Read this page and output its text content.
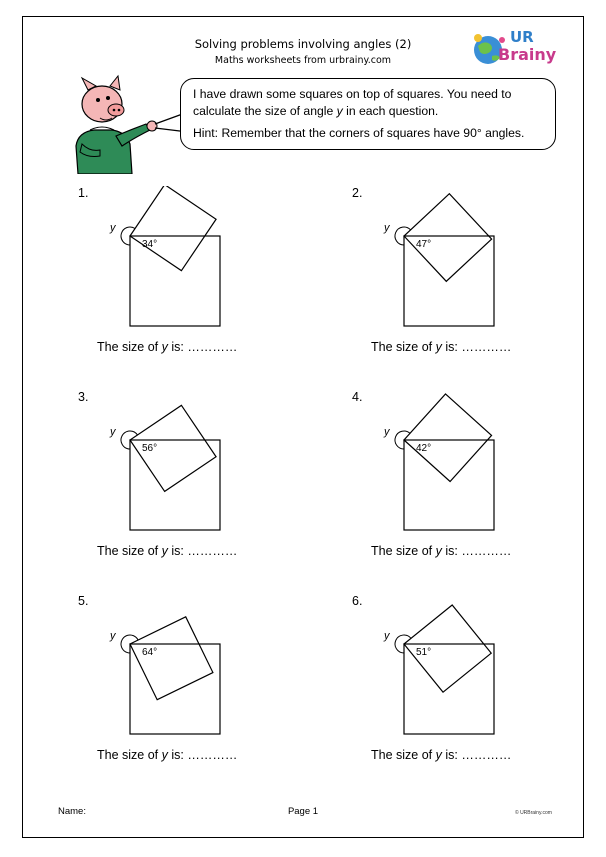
Solving problems involving angles (2)
Maths worksheets from urbrainy.com
UR
Brainy

I have drawn some squares on top of squares. You need to

calculate the size of angle y in each question.

Hint: Remember that the corners of squares have 90° angles.

1.
y
34°
The size of y is: …………
2.
y
47°
The size of y is: …………
3.
y
56°
The size of y is: …………
4.
y
42°
The size of y is: …………
5.
y
64°
The size of y is: …………
6.
y
51°
The size of y is: …………
Name:	Page 1	© URBrainy.com
